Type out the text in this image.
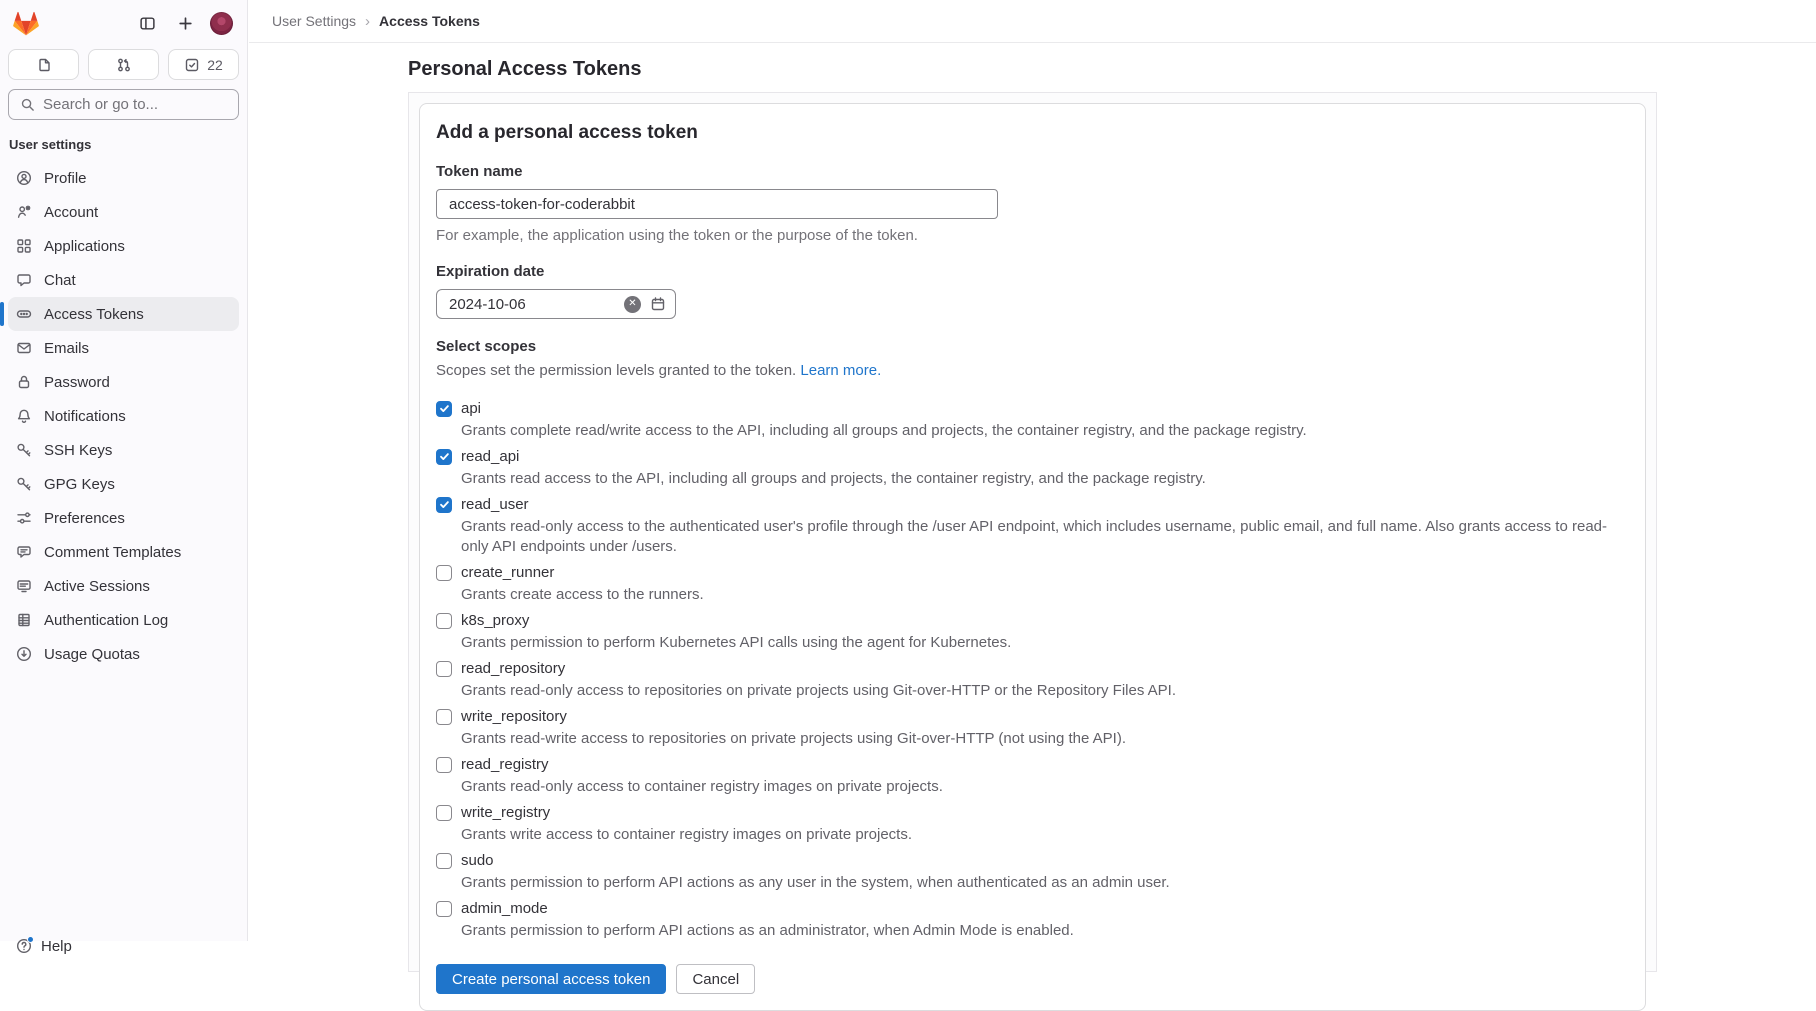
22
Search or go to...
User settings
Profile
Account
Applications
Chat
Access Tokens
Emails
Password
Notifications
SSH Keys
GPG Keys
Preferences
Comment Templates
Active Sessions
Authentication Log
Usage Quotas
Help
User Settings › Access Tokens
Personal Access Tokens
Add a personal access token
Token name
access-token-for-coderabbit
For example, the application using the token or the purpose of the token.
Expiration date
2024-10-06	✕
Select scopes
Scopes set the permission levels granted to the token. Learn more.
api
Grants complete read/write access to the API, including all groups and projects, the container registry, and the package registry.
read_api
Grants read access to the API, including all groups and projects, the container registry, and the package registry.
read_user
Grants read-only access to the authenticated user's profile through the /user API endpoint, which includes username, public email, and full name. Also grants access to read-only API endpoints under /users.
create_runner
Grants create access to the runners.
k8s_proxy
Grants permission to perform Kubernetes API calls using the agent for Kubernetes.
read_repository
Grants read-only access to repositories on private projects using Git-over-HTTP or the Repository Files API.
write_repository
Grants read-write access to repositories on private projects using Git-over-HTTP (not using the API).
read_registry
Grants read-only access to container registry images on private projects.
write_registry
Grants write access to container registry images on private projects.
sudo
Grants permission to perform API actions as any user in the system, when authenticated as an admin user.
admin_mode
Grants permission to perform API actions as an administrator, when Admin Mode is enabled.
Create personal access token	Cancel
